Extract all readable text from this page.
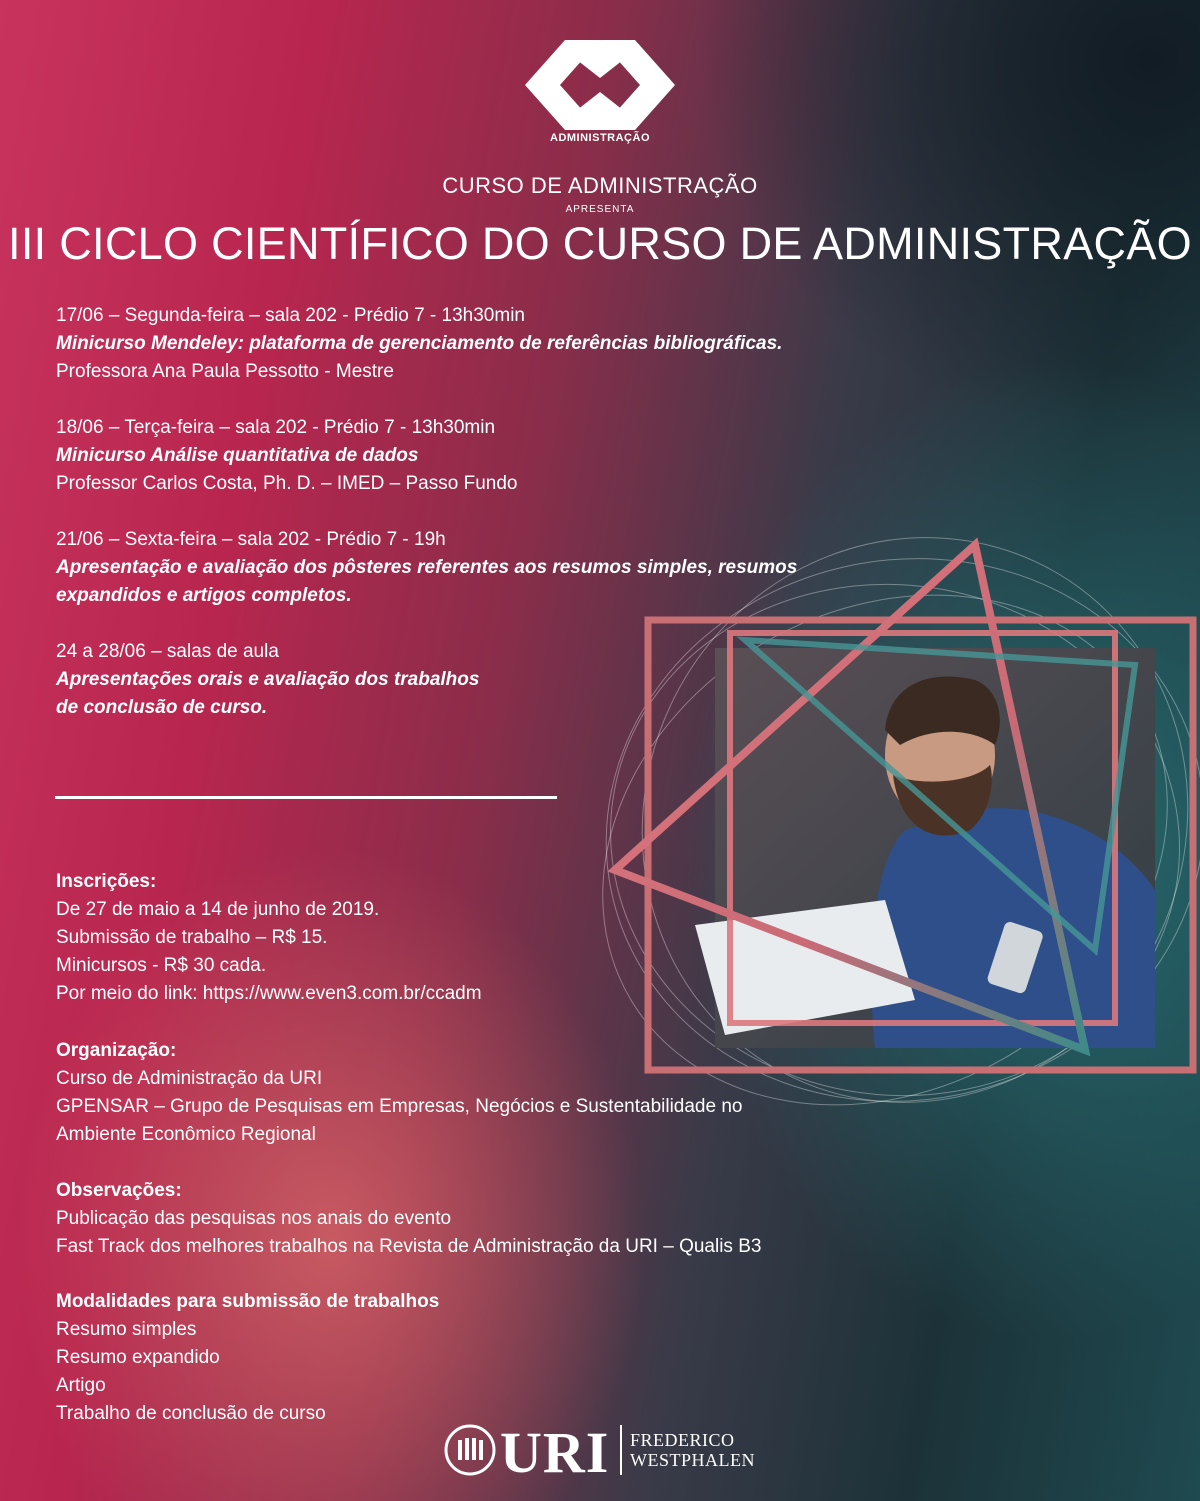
ADMINISTRAÇÃO
CURSO DE ADMINISTRAÇÃO
APRESENTA
III CICLO CIENTÍFICO DO CURSO DE ADMINISTRAÇÃO
17/06 – Segunda-feira – sala 202 - Prédio 7 - 13h30min
Minicurso Mendeley: plataforma de gerenciamento de referências bibliográficas.
Professora Ana Paula Pessotto - Mestre
18/06 – Terça-feira – sala 202 - Prédio 7 - 13h30min
Minicurso Análise quantitativa de dados
Professor Carlos Costa, Ph. D. – IMED – Passo Fundo
21/06 – Sexta-feira – sala 202 - Prédio 7 - 19h
Apresentação e avaliação dos pôsteres referentes aos resumos simples, resumos
expandidos e artigos completos.
24 a 28/06 – salas de aula
Apresentações orais e avaliação dos trabalhos
de conclusão de curso.
Inscrições:
De 27 de maio a 14 de junho de 2019.
Submissão de trabalho – R$ 15.
Minicursos - R$ 30 cada.
Por meio do link: https://www.even3.com.br/ccadm
Organização:
Curso de Administração da URI
GPENSAR – Grupo de Pesquisas em Empresas, Negócios e Sustentabilidade no
Ambiente Econômico Regional
Observações:
Publicação das pesquisas nos anais do evento
Fast Track dos melhores trabalhos na Revista de Administração da URI – Qualis B3
Modalidades para submissão de trabalhos
Resumo simples
Resumo expandido
Artigo
Trabalho de conclusão de curso
URI FREDERICO
WESTPHALEN
